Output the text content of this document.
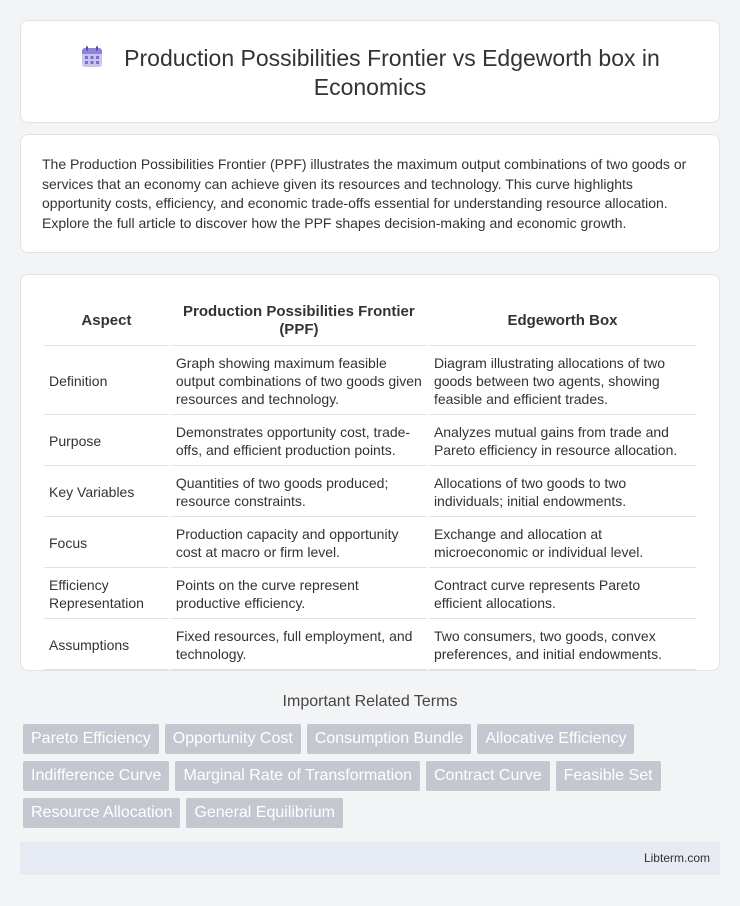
Production Possibilities Frontier vs Edgeworth box in
Economics

The Production Possibilities Frontier (PPF) illustrates the maximum output combinations of two goods or services that an economy can achieve given its resources and technology. This curve highlights opportunity costs, efficiency, and economic trade-offs essential for understanding resource allocation. Explore the full article to discover how the PPF shapes decision-making and economic growth.

Aspect	Production Possibilities Frontier (PPF)	Edgeworth Box
Definition	Graph showing maximum feasible output combinations of two goods given resources and technology.	Diagram illustrating allocations of two goods between two agents, showing feasible and efficient trades.
Purpose	Demonstrates opportunity cost, trade-offs, and efficient production points.	Analyzes mutual gains from trade and Pareto efficiency in resource allocation.
Key Variables	Quantities of two goods produced; resource constraints.	Allocations of two goods to two individuals; initial endowments.
Focus	Production capacity and opportunity cost at macro or firm level.	Exchange and allocation at microeconomic or individual level.
Efficiency Representation	Points on the curve represent productive efficiency.	Contract curve represents Pareto efficient allocations.
Assumptions	Fixed resources, full employment, and technology.	Two consumers, two goods, convex preferences, and initial endowments.
Important Related Terms
Pareto Efficiency	Opportunity Cost	Consumption Bundle	Allocative Efficiency
Indifference Curve	Marginal Rate of Transformation	Contract Curve	Feasible Set
Resource Allocation	General Equilibrium
Libterm.com
